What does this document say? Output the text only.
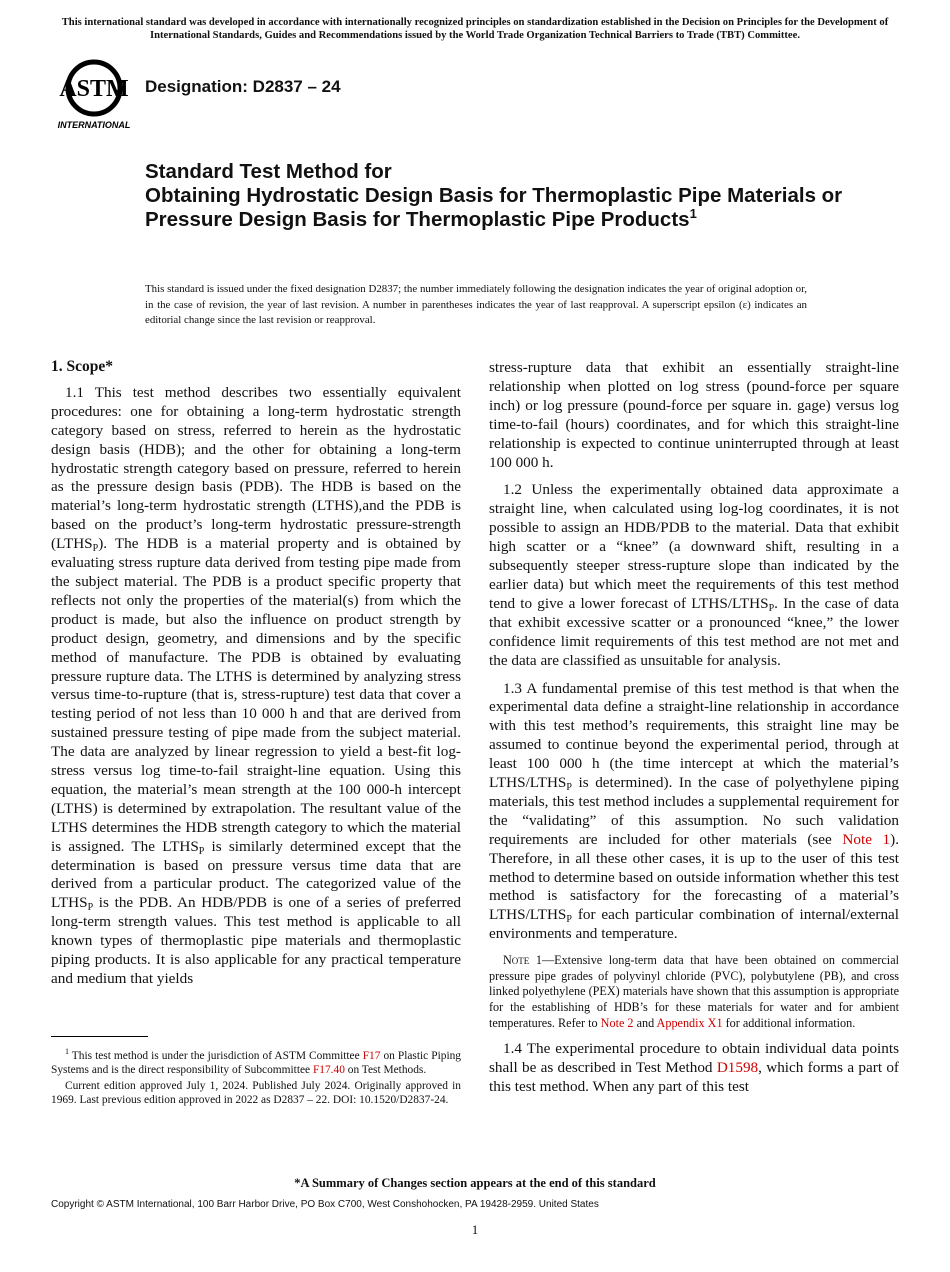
This international standard was developed in accordance with internationally recognized principles on standardization established in the Decision on Principles for the Development of International Standards, Guides and Recommendations issued by the World Trade Organization Technical Barriers to Trade (TBT) Committee.
ASTM
INTERNATIONAL
Designation: D2837 – 24
Standard Test Method for
Obtaining Hydrostatic Design Basis for Thermoplastic Pipe Materials or Pressure Design Basis for Thermoplastic Pipe Products$^1$
This standard is issued under the fixed designation D2837; the number immediately following the designation indicates the year of original adoption or, in the case of revision, the year of last revision. A number in parentheses indicates the year of last reapproval. A superscript epsilon (ε) indicates an editorial change since the last revision or reapproval.
1. Scope*

1.1 This test method describes two essentially equivalent procedures: one for obtaining a long-term hydrostatic strength category based on stress, referred to herein as the hydrostatic design basis (HDB); and the other for obtaining a long-term hydrostatic strength category based on pressure, referred to herein as the pressure design basis (PDB). The HDB is based on the material’s long-term hydrostatic strength (LTHS),and the PDB is based on the product’s long-term hydrostatic pressure-strength $(LTHS_P)$. The HDB is a material property and is obtained by evaluating stress rupture data derived from testing pipe made from the subject material. The PDB is a product specific property that reflects not only the properties of the material(s) from which the product is made, but also the influence on product strength by product design, geometry, and dimensions and by the specific method of manufacture. The PDB is obtained by evaluating pressure rupture data. The LTHS is determined by analyzing stress versus time-to-rupture (that is, stress-rupture) test data that cover a testing period of not less than 10 000 h and that are derived from sustained pressure testing of pipe made from the subject material. The data are analyzed by linear regression to yield a best-fit log-stress versus log time-to-fail straight-line equation. Using this equation, the material’s mean strength at the 100 000-h intercept (LTHS) is determined by extrapolation. The resultant value of the LTHS determines the HDB strength category to which the material is assigned. The $LTHS_P$ is similarly determined except that the determination is based on pressure versus time data that are derived from a particular product. The categorized value of the $LTHS_P$ is the PDB. An HDB/PDB is one of a series of preferred long-term strength values. This test method is applicable to all known types of thermoplastic pipe materials and thermoplastic piping products. It is also applicable for any practical temperature and medium that yields

$^1$ This test method is under the jurisdiction of ASTM Committee F17 on Plastic Piping Systems and is the direct responsibility of Subcommittee F17.40 on Test Methods.

Current edition approved July 1, 2024. Published July 2024. Originally approved in 1969. Last previous edition approved in 2022 as D2837 – 22. DOI: 10.1520/D2837-24.

stress-rupture data that exhibit an essentially straight-line relationship when plotted on log stress (pound-force per square inch) or log pressure (pound-force per square in. gage) versus log time-to-fail (hours) coordinates, and for which this straight-line relationship is expected to continue uninterrupted through at least 100 000 h.

1.2 Unless the experimentally obtained data approximate a straight line, when calculated using log-log coordinates, it is not possible to assign an HDB/PDB to the material. Data that exhibit high scatter or a “knee” (a downward shift, resulting in a subsequently steeper stress-rupture slope than indicated by the earlier data) but which meet the requirements of this test method tend to give a lower forecast of LTHS/$LTHS_P$. In the case of data that exhibit excessive scatter or a pronounced “knee,” the lower confidence limit requirements of this test method are not met and the data are classified as unsuitable for analysis.

1.3 A fundamental premise of this test method is that when the experimental data define a straight-line relationship in accordance with this test method’s requirements, this straight line may be assumed to continue beyond the experimental period, through at least 100 000 h (the time intercept at which the material’s LTHS/$LTHS_P$ is determined). In the case of polyethylene piping materials, this test method includes a supplemental requirement for the “validating” of this assumption. No such validation requirements are included for other materials (see Note 1). Therefore, in all these other cases, it is up to the user of this test method to determine based on outside information whether this test method is satisfactory for the forecasting of a material’s LTHS/$LTHS_P$ for each particular combination of internal/external environments and temperature.

Note 1—Extensive long-term data that have been obtained on commercial pressure pipe grades of polyvinyl chloride (PVC), polybutylene (PB), and cross linked polyethylene (PEX) materials have shown that this assumption is appropriate for the establishing of HDB’s for these materials for water and for ambient temperatures. Refer to Note 2 and Appendix X1 for additional information.

1.4 The experimental procedure to obtain individual data points shall be as described in Test Method D1598, which forms a part of this test method. When any part of this test

*A Summary of Changes section appears at the end of this standard
Copyright © ASTM International, 100 Barr Harbor Drive, PO Box C700, West Conshohocken, PA 19428-2959. United States
1
